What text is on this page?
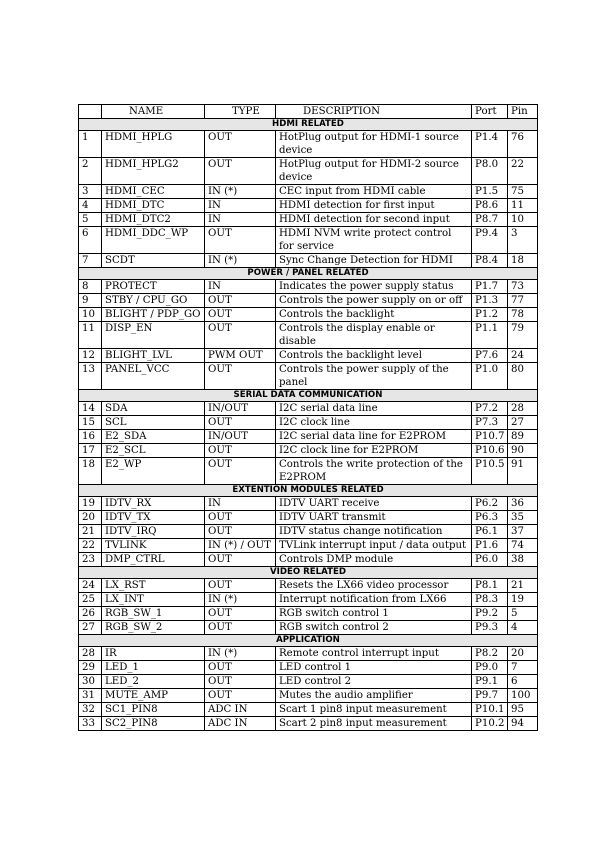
	NAME	TYPE	DESCRIPTION	Port	Pin
HDMI RELATED					
1	HDMI_HPLG	OUT	HotPlug output for HDMI-1 source device	P1.4	76
2	HDMI_HPLG2	OUT	HotPlug output for HDMI-2 source device	P8.0	22
3	HDMI_CEC	IN (*)	CEC input from HDMI cable	P1.5	75
4	HDMI_DTC	IN	HDMI detection for first input	P8.6	11
5	HDMI_DTC2	IN	HDMI detection for second input	P8.7	10
6	HDMI_DDC_WP	OUT	HDMI NVM write protect control for service	P9.4	3
7	SCDT	IN (*)	Sync Change Detection for HDMI	P8.4	18
POWER / PANEL RELATED					
8	PROTECT	IN	Indicates the power supply status	P1.7	73
9	STBY / CPU_GO	OUT	Controls the power supply on or off	P1.3	77
10	BLIGHT / PDP_GO	OUT	Controls the backlight	P1.2	78
11	DISP_EN	OUT	Controls the display enable or disable	P1.1	79
12	BLIGHT_LVL	PWM OUT	Controls the backlight level	P7.6	24
13	PANEL_VCC	OUT	Controls the power supply of the panel	P1.0	80
SERIAL DATA COMMUNICATION					
14	SDA	IN/OUT	I2C serial data line	P7.2	28
15	SCL	OUT	I2C clock line	P7.3	27
16	E2_SDA	IN/OUT	I2C serial data line for E2PROM	P10.7	89
17	E2_SCL	OUT	I2C clock line for E2PROM	P10.6	90
18	E2_WP	OUT	Controls the write protection of the E2PROM	P10.5	91
EXTENTION MODULES RELATED					
19	IDTV_RX	IN	IDTV UART receive	P6.2	36
20	IDTV_TX	OUT	IDTV UART transmit	P6.3	35
21	IDTV_IRQ	OUT	IDTV status change notification	P6.1	37
22	TVLINK	IN (*) / OUT	TVLink interrupt input / data output	P1.6	74
23	DMP_CTRL	OUT	Controls DMP module	P6.0	38
VIDEO RELATED					
24	LX_RST	OUT	Resets the LX66 video processor	P8.1	21
25	LX_INT	IN (*)	Interrupt notification from LX66	P8.3	19
26	RGB_SW_1	OUT	RGB switch control 1	P9.2	5
27	RGB_SW_2	OUT	RGB switch control 2	P9.3	4
APPLICATION					
28	IR	IN (*)	Remote control interrupt input	P8.2	20
29	LED_1	OUT	LED control 1	P9.0	7
30	LED_2	OUT	LED control 2	P9.1	6
31	MUTE_AMP	OUT	Mutes the audio amplifier	P9.7	100
32	SC1_PIN8	ADC IN	Scart 1 pin8 input measurement	P10.1	95
33	SC2_PIN8	ADC IN	Scart 2 pin8 input measurement	P10.2	94
